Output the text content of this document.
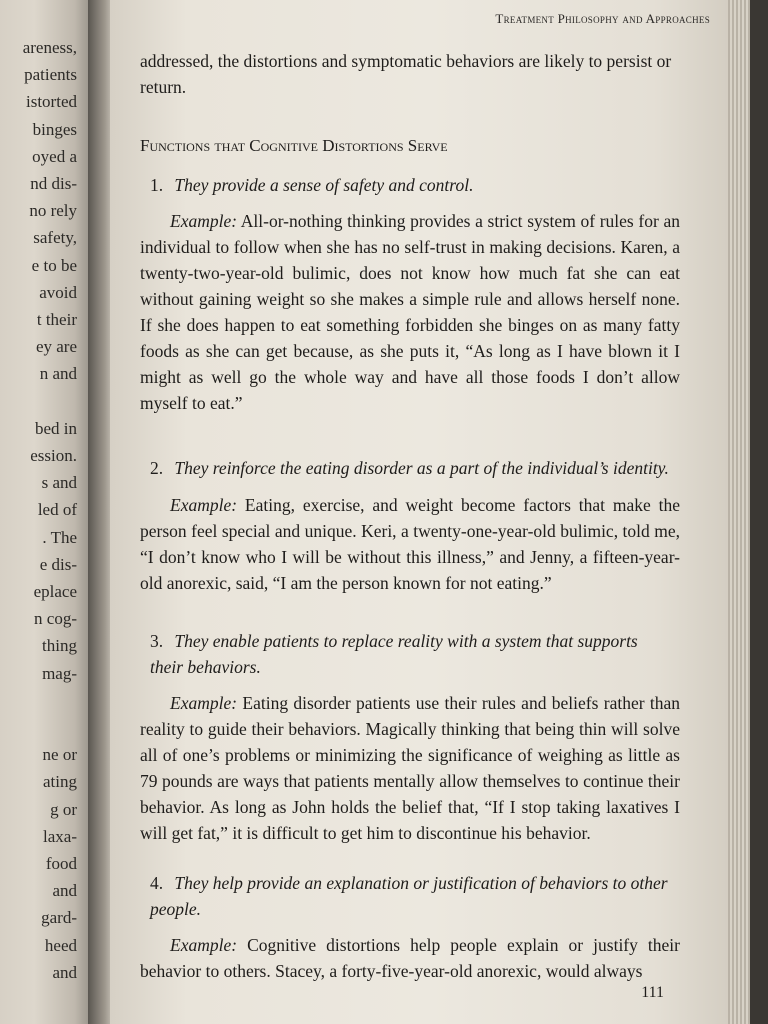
areness,
patients
istorted
binges
oyed a
nd dis-
no rely
safety,
e to be
avoid
t their
ey are
n and
bed in
ession.
s and
led of
. The
e dis-
eplace
n cog-
thing
mag-
ne or
ating
g or
laxa-
food
and
gard-
heed
and
Treatment Philosophy and Approaches
addressed, the distortions and symptomatic behaviors are likely to persist or return.
Functions that Cognitive Distortions Serve
1. They provide a sense of safety and control.
Example: All-or-nothing thinking provides a strict system of rules for an individual to follow when she has no self-trust in making decisions. Karen, a twenty-two-year-old bulimic, does not know how much fat she can eat without gaining weight so she makes a simple rule and allows herself none. If she does happen to eat something forbidden she binges on as many fatty foods as she can get because, as she puts it, “As long as I have blown it I might as well go the whole way and have all those foods I don’t allow myself to eat.”
2. They reinforce the eating disorder as a part of the individual’s identity.
Example: Eating, exercise, and weight become factors that make the person feel special and unique. Keri, a twenty-one-year-old bulimic, told me, “I don’t know who I will be without this illness,” and Jenny, a fifteen-year-old anorexic, said, “I am the person known for not eating.”
3. They enable patients to replace reality with a system that supports their behaviors.
Example: Eating disorder patients use their rules and beliefs rather than reality to guide their behaviors. Magically thinking that being thin will solve all of one’s problems or minimizing the significance of weighing as little as 79 pounds are ways that patients mentally allow themselves to continue their behavior. As long as John holds the belief that, “If I stop taking laxatives I will get fat,” it is difficult to get him to discontinue his behavior.
4. They help provide an explanation or justification of behaviors to other people.
Example: Cognitive distortions help people explain or justify their behavior to others. Stacey, a forty-five-year-old anorexic, would always
111
